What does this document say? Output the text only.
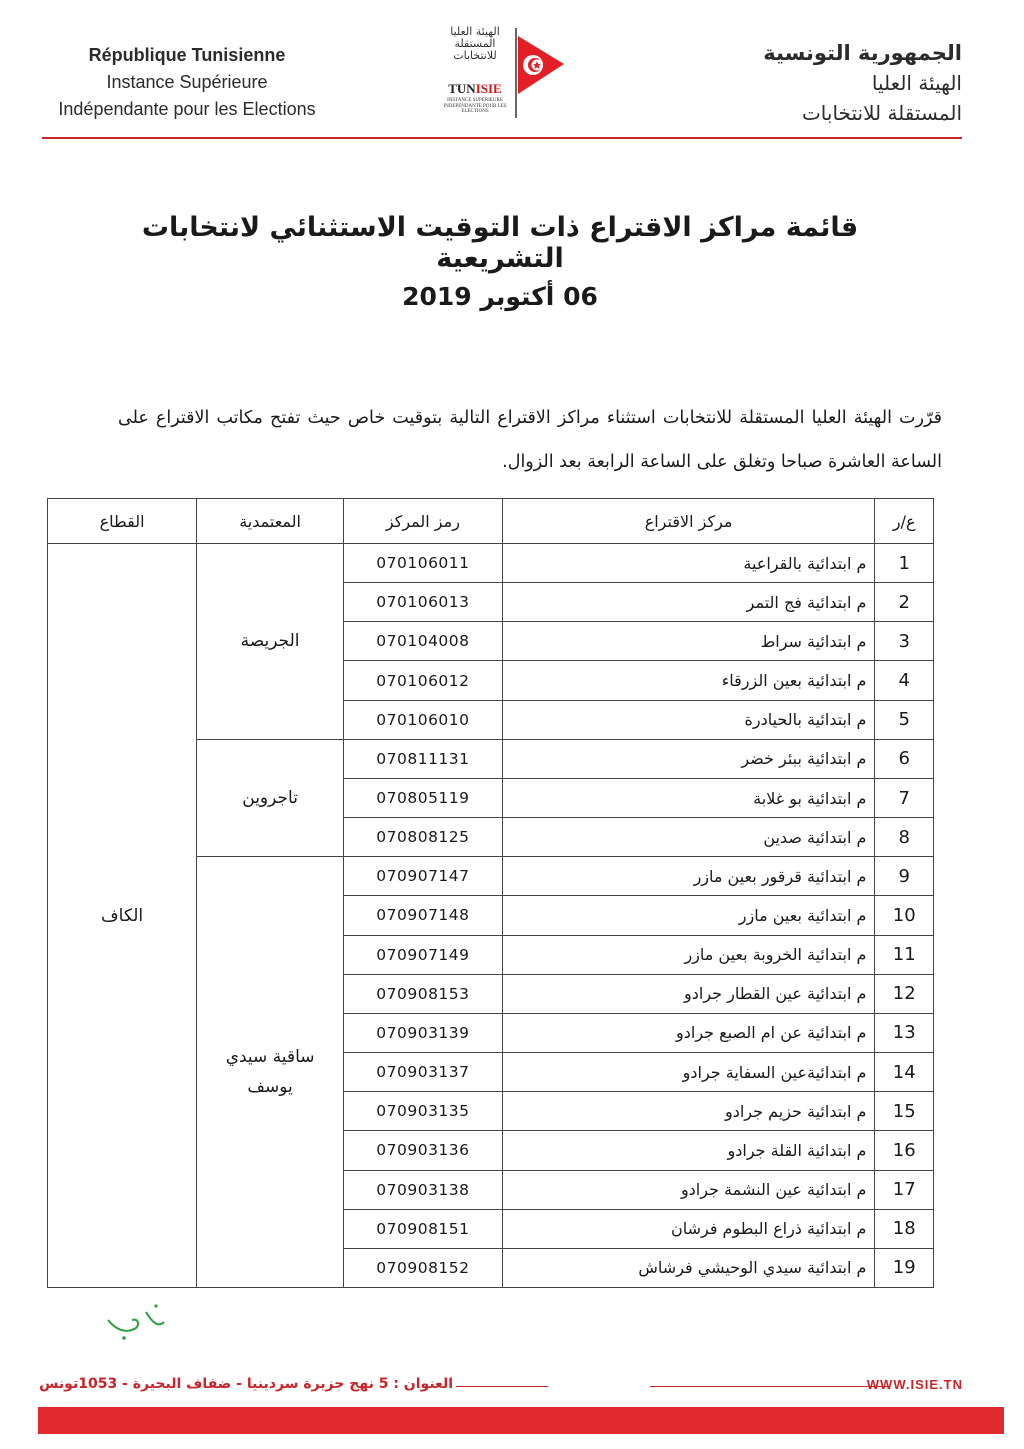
République Tunisienne
Instance Supérieure
Indépendante pour les Elections
الهيئة العليا المستقلة للانتخابات
TUNISIE
INSTANCE SUPERIEURE INDEPENDANTE POUR LES ELECTIONS
الجمهورية التونسية
الهيئة العليا
المستقلة للانتخابات
قائمة مراكز الاقتراع ذات التوقيت الاستثنائي لانتخابات التشريعية
06 أكتوبر 2019
قرّرت الهيئة العليا المستقلة للانتخابات استثناء مراكز الاقتراع التالية بتوقيت خاص حيث تفتح مكاتب الاقتراع على الساعة العاشرة صباحا وتغلق على الساعة الرابعة بعد الزوال.
ع/ر	مركز الاقتراع	رمز المركز	المعتمدية	القطاع
1	م ابتدائية بالقراعية	070106011	الجريصة	الكاف
2	م ابتدائية فج التمر	070106013		
3	م ابتدائية سراط	070104008		
4	م ابتدائية بعين الزرقاء	070106012		
5	م ابتدائية بالحيادرة	070106010		
6	م ابتدائية ببئر خضر	070811131	تاجروين	
7	م ابتدائية بو غلابة	070805119		
8	م ابتدائية صدين	070808125		
9	م ابتدائية قرقور بعين مازر	070907147	ساقية سيدي يوسف	
10	م ابتدائية بعين مازر	070907148		
11	م ابتدائية الخروبة بعين مازر	070907149		
12	م ابتدائية عين القطار جرادو	070908153		
13	م ابتدائية عن ام الصبع جرادو	070903139		
14	م ابتدائيةعين السفاية جرادو	070903137		
15	م ابتدائية حزيم جرادو	070903135		
16	م ابتدائية القلة جرادو	070903136		
17	م ابتدائية عين النشمة جرادو	070903138		
18	م ابتدائية ذراع البطوم فرشان	070908151		
19	م ابتدائية سيدي الوحيشي فرشاش	070908152		
العنوان : 5 نهج جزيرة سردينيا - ضفاف البحيرة - 1053تونس	WWW.ISIE.TN
